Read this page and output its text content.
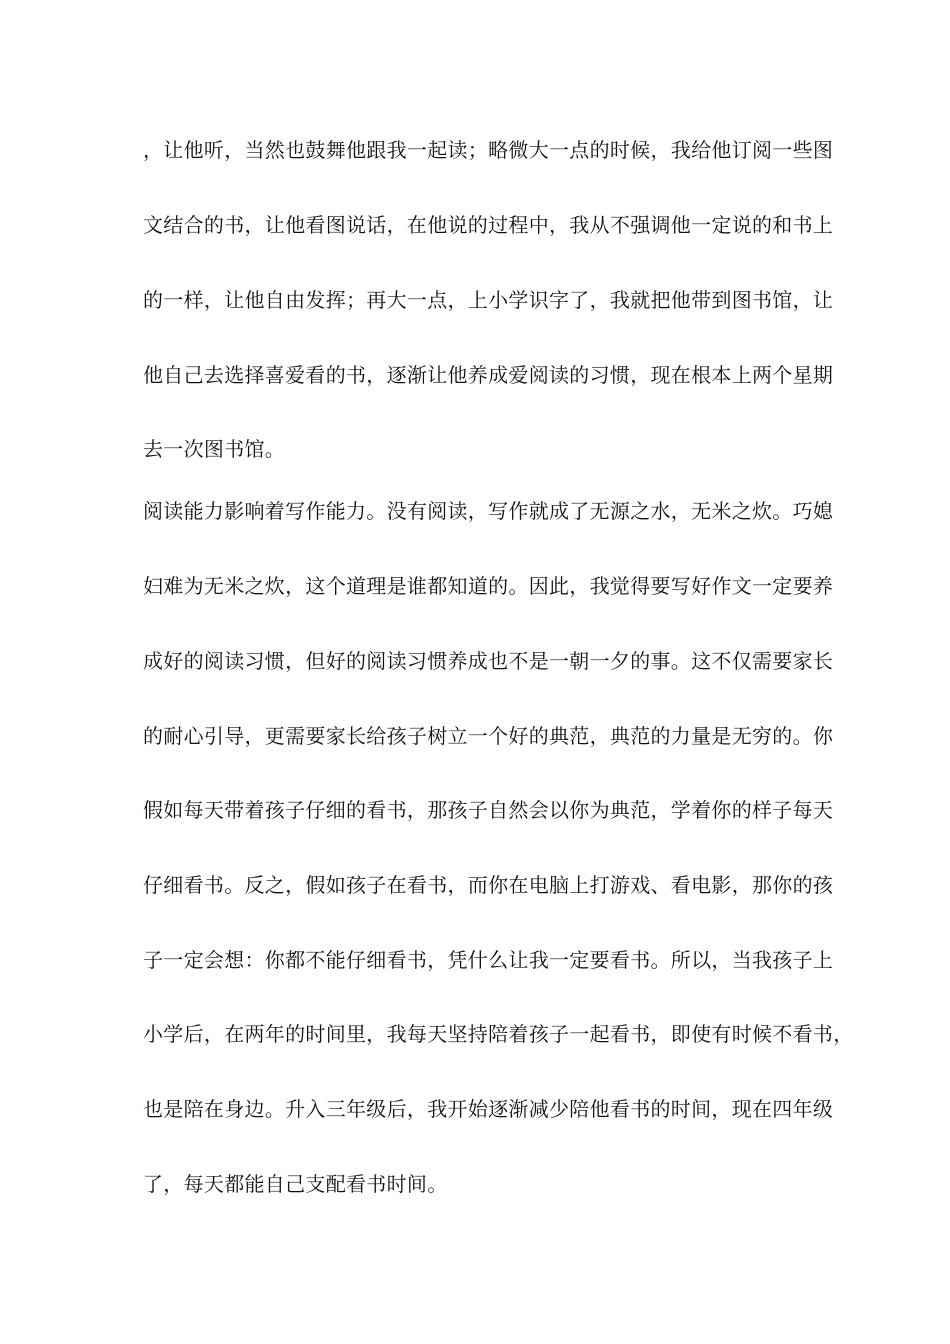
，让他听，当然也鼓舞他跟我一起读；略微大一点的时候，我给他订阅一些图
文结合的书，让他看图说话，在他说的过程中，我从不强调他一定说的和书上
的一样，让他自由发挥；再大一点，上小学识字了，我就把他带到图书馆，让
他自己去选择喜爱看的书，逐渐让他养成爱阅读的习惯，现在根本上两个星期
去一次图书馆。
阅读能力影响着写作能力。没有阅读，写作就成了无源之水，无米之炊。巧媳
妇难为无米之炊，这个道理是谁都知道的。因此，我觉得要写好作文一定要养
成好的阅读习惯，但好的阅读习惯养成也不是一朝一夕的事。这不仅需要家长
的耐心引导，更需要家长给孩子树立一个好的典范，典范的力量是无穷的。你
假如每天带着孩子仔细的看书，那孩子自然会以你为典范，学着你的样子每天
仔细看书。反之，假如孩子在看书，而你在电脑上打游戏、看电影，那你的孩
子一定会想：你都不能仔细看书，凭什么让我一定要看书。所以，当我孩子上
小学后，在两年的时间里，我每天坚持陪着孩子一起看书，即使有时候不看书，
也是陪在身边。升入三年级后，我开始逐渐减少陪他看书的时间，现在四年级
了，每天都能自己支配看书时间。
